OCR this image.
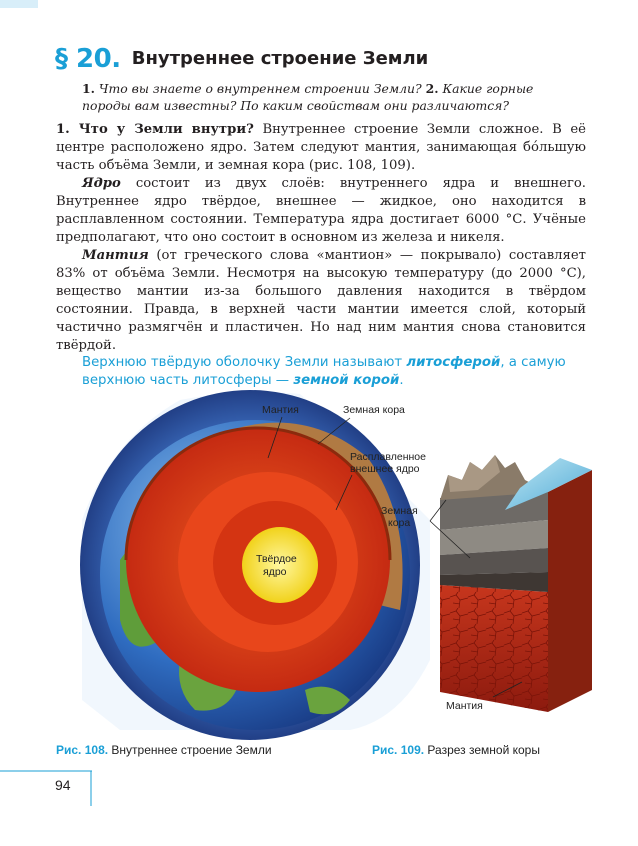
§ 20. Внутреннее строение Земли
1. Что вы знаете о внутреннем строении Земли? 2. Какие горные породы вам известны? По каким свойствам они различаются?
1. Что у Земли внутри? Внутреннее строение Земли сложное. В её центре расположено ядро. Затем следуют мантия, занимающая бóльшую часть объёма Земли, и земная кора (рис. 108, 109).
Ядро состоит из двух слоёв: внутреннего ядра и внешнего. Внутреннее ядро твёрдое, внешнее — жидкое, оно находится в расплавленном состоянии. Температура ядра достигает 6000 °С. Учёные предполагают, что оно состоит в основном из железа и никеля.
Мантия (от греческого слова «мантион» — покрывало) составляет 83% от объёма Земли. Несмотря на высокую температуру (до 2000 °С), вещество мантии из-за большого давления находится в твёрдом состоянии. Правда, в верхней части мантии имеется слой, который частично размягчён и пластичен. Но над ним мантия снова становится твёрдой.
Верхнюю твёрдую оболочку Земли называют литосферой, а самую верхнюю часть литосферы — земной корой.
Мантия	Земная кора
Расплавленное
внешнее ядро
Твёрдое
ядро
Земная
кора
Мантия
Рис. 108. Внутреннее строение Земли	Рис. 109. Разрез земной коры
94
